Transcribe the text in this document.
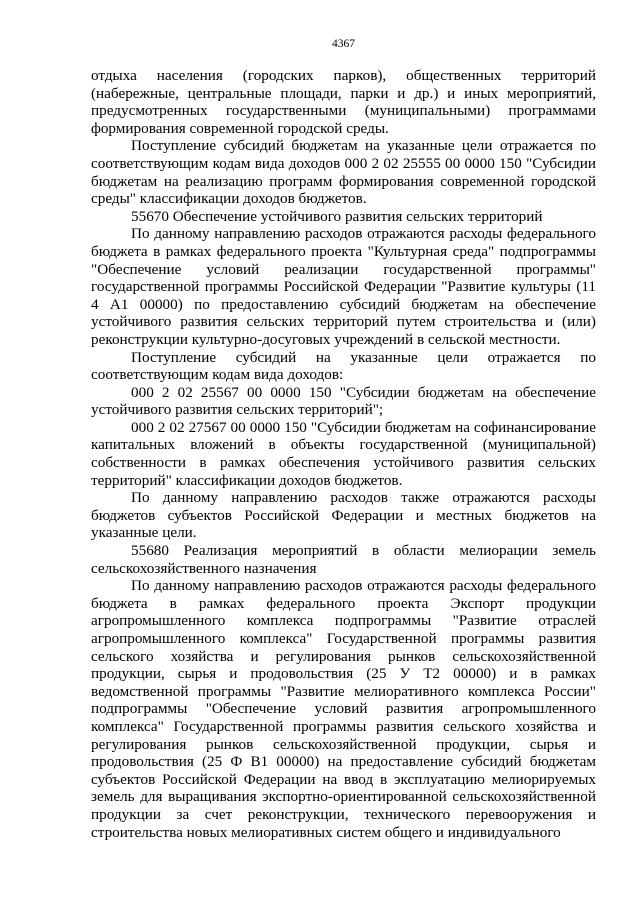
4367

отдыха населения (городских парков), общественных территорий (набережные, центральные площади, парки и др.) и иных мероприятий, предусмотренных государственными (муниципальными) программами формирования современной городской среды.

Поступление субсидий бюджетам на указанные цели отражается по соответствующим кодам вида доходов 000 2 02 25555 00 0000 150 "Субсидии бюджетам на реализацию программ формирования современной городской среды" классификации доходов бюджетов.

55670 Обеспечение устойчивого развития сельских территорий

По данному направлению расходов отражаются расходы федерального бюджета в рамках федерального проекта "Культурная среда" подпрограммы "Обеспечение условий реализации государственной программы" государственной программы Российской Федерации "Развитие культуры (11 4 А1 00000) по предоставлению субсидий бюджетам на обеспечение устойчивого развития сельских территорий путем строительства и (или) реконструкции культурно-досуговых учреждений в сельской местности.

Поступление субсидий на указанные цели отражается по соответствующим кодам вида доходов:

000 2 02 25567 00 0000 150 "Субсидии бюджетам на обеспечение устойчивого развития сельских территорий";

000 2 02 27567 00 0000 150 "Субсидии бюджетам на софинансирование капитальных вложений в объекты государственной (муниципальной) собственности в рамках обеспечения устойчивого развития сельских территорий" классификации доходов бюджетов.

По данному направлению расходов также отражаются расходы бюджетов субъектов Российской Федерации и местных бюджетов на указанные цели.

55680 Реализация мероприятий в области мелиорации земель сельскохозяйственного назначения

По данному направлению расходов отражаются расходы федерального бюджета в рамках федерального проекта Экспорт продукции агропромышленного комплекса подпрограммы "Развитие отраслей агропромышленного комплекса" Государственной программы развития сельского хозяйства и регулирования рынков сельскохозяйственной продукции, сырья и продовольствия (25 У Т2 00000) и в рамках ведомственной программы "Развитие мелиоративного комплекса России" подпрограммы "Обеспечение условий развития агропромышленного комплекса" Государственной программы развития сельского хозяйства и регулирования рынков сельскохозяйственной продукции, сырья и продовольствия (25 Ф В1 00000) на предоставление субсидий бюджетам субъектов Российской Федерации на ввод в эксплуатацию мелиорируемых земель для выращивания экспортно-ориентированной сельскохозяйственной продукции за счет реконструкции, технического перевооружения и строительства новых мелиоративных систем общего и индивидуального
